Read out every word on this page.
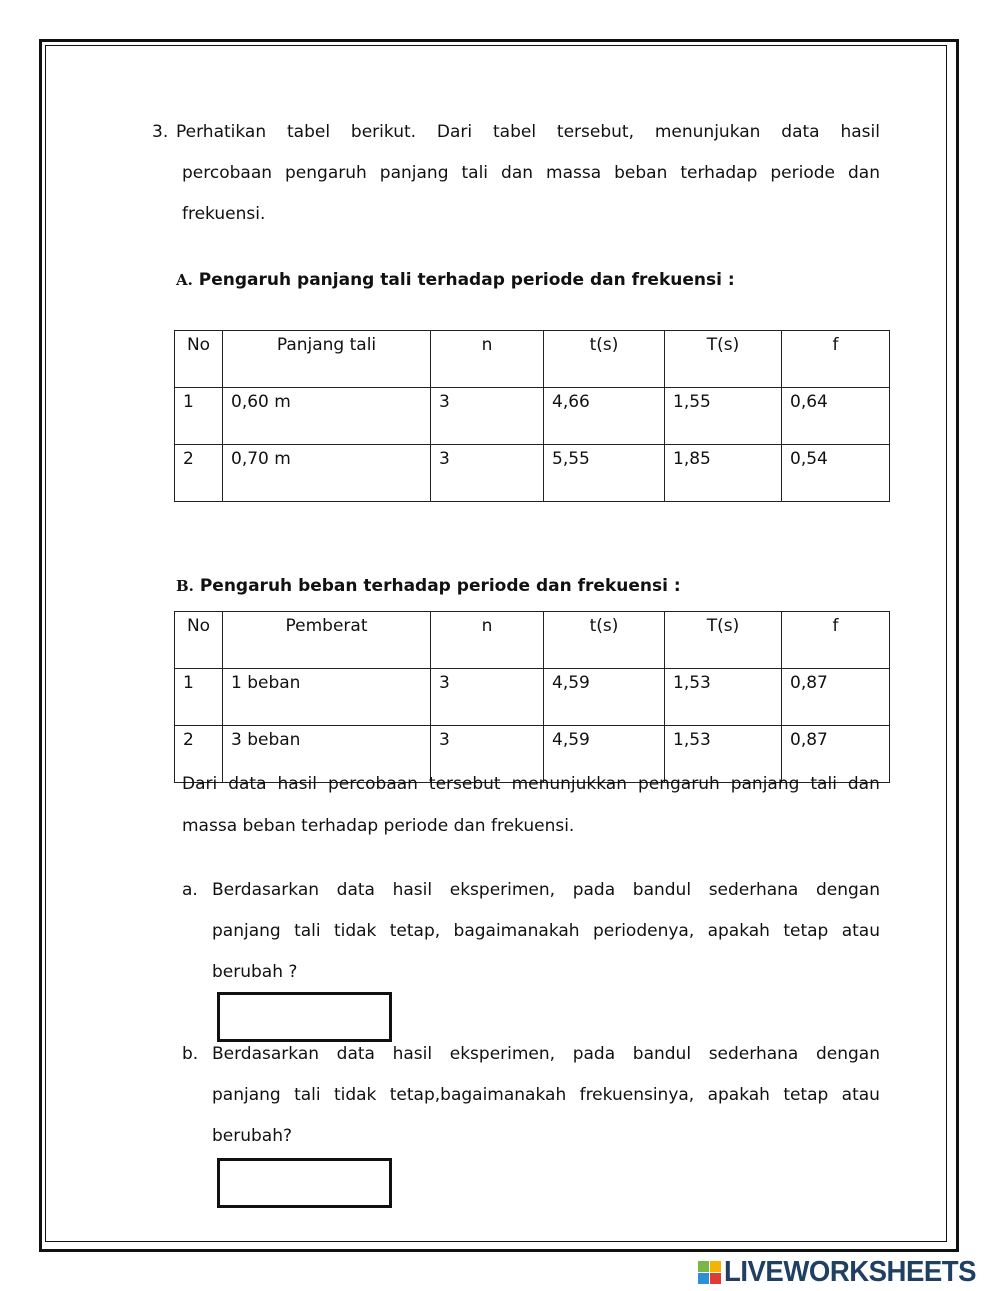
3. Perhatikan tabel berikut. Dari tabel tersebut, menunjukan data hasil
percobaan pengaruh panjang tali dan massa beban terhadap periode dan
frekuensi.
A. Pengaruh panjang tali terhadap periode dan frekuensi :
No	Panjang tali	n	t(s)	T(s)	f
1	0,60 m	3	4,66	1,55	0,64
2	0,70 m	3	5,55	1,85	0,54
B. Pengaruh beban terhadap periode dan frekuensi :
No	Pemberat	n	t(s)	T(s)	f
1	1 beban	3	4,59	1,53	0,87
2	3 beban	3	4,59	1,53	0,87
Dari data hasil percobaan tersebut menunjukkan pengaruh panjang tali dan
massa beban terhadap periode dan frekuensi.
a. Berdasarkan data hasil eksperimen, pada bandul sederhana dengan
panjang tali tidak tetap, bagaimanakah periodenya, apakah tetap atau
berubah ?
b. Berdasarkan data hasil eksperimen, pada bandul sederhana dengan
panjang tali tidak tetap,bagaimanakah frekuensinya, apakah tetap atau
berubah?
LIVEWORKSHEETS
